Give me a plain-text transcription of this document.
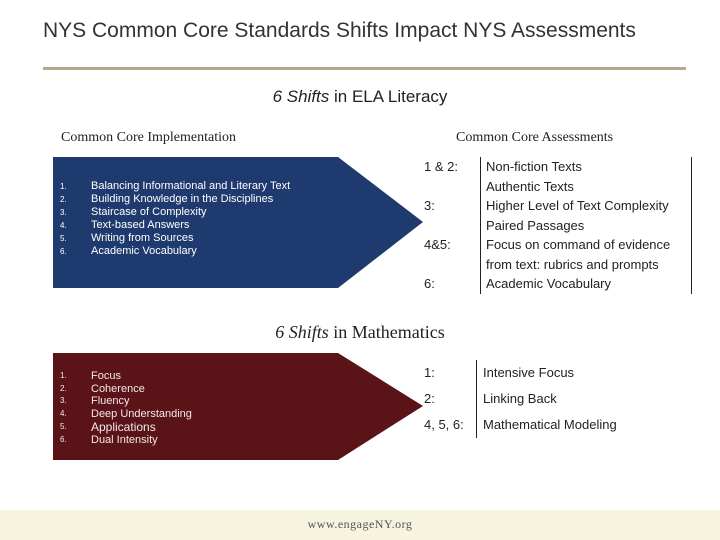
NYS Common Core Standards Shifts Impact NYS Assessments
6 Shifts in ELA Literacy
Common Core Implementation	Common Core Assessments
1. Balancing Informational and Literary Text
2. Building Knowledge in the Disciplines
3. Staircase of Complexity
4. Text-based Answers
5. Writing from Sources
6. Academic Vocabulary
1 & 2:	Non-fiction Texts
Authentic Texts
3:	Higher Level of Text Complexity
Paired Passages

4&5:	Focus on command of evidence from text: rubrics and prompts
6:	Academic Vocabulary
6 Shifts in Mathematics
1. Focus
2. Coherence
3. Fluency
4. Deep Understanding
5. Applications
6. Dual Intensity
1:	Intensive Focus
2:	Linking Back
4, 5, 6:	Mathematical Modeling
www.engageNY.org
